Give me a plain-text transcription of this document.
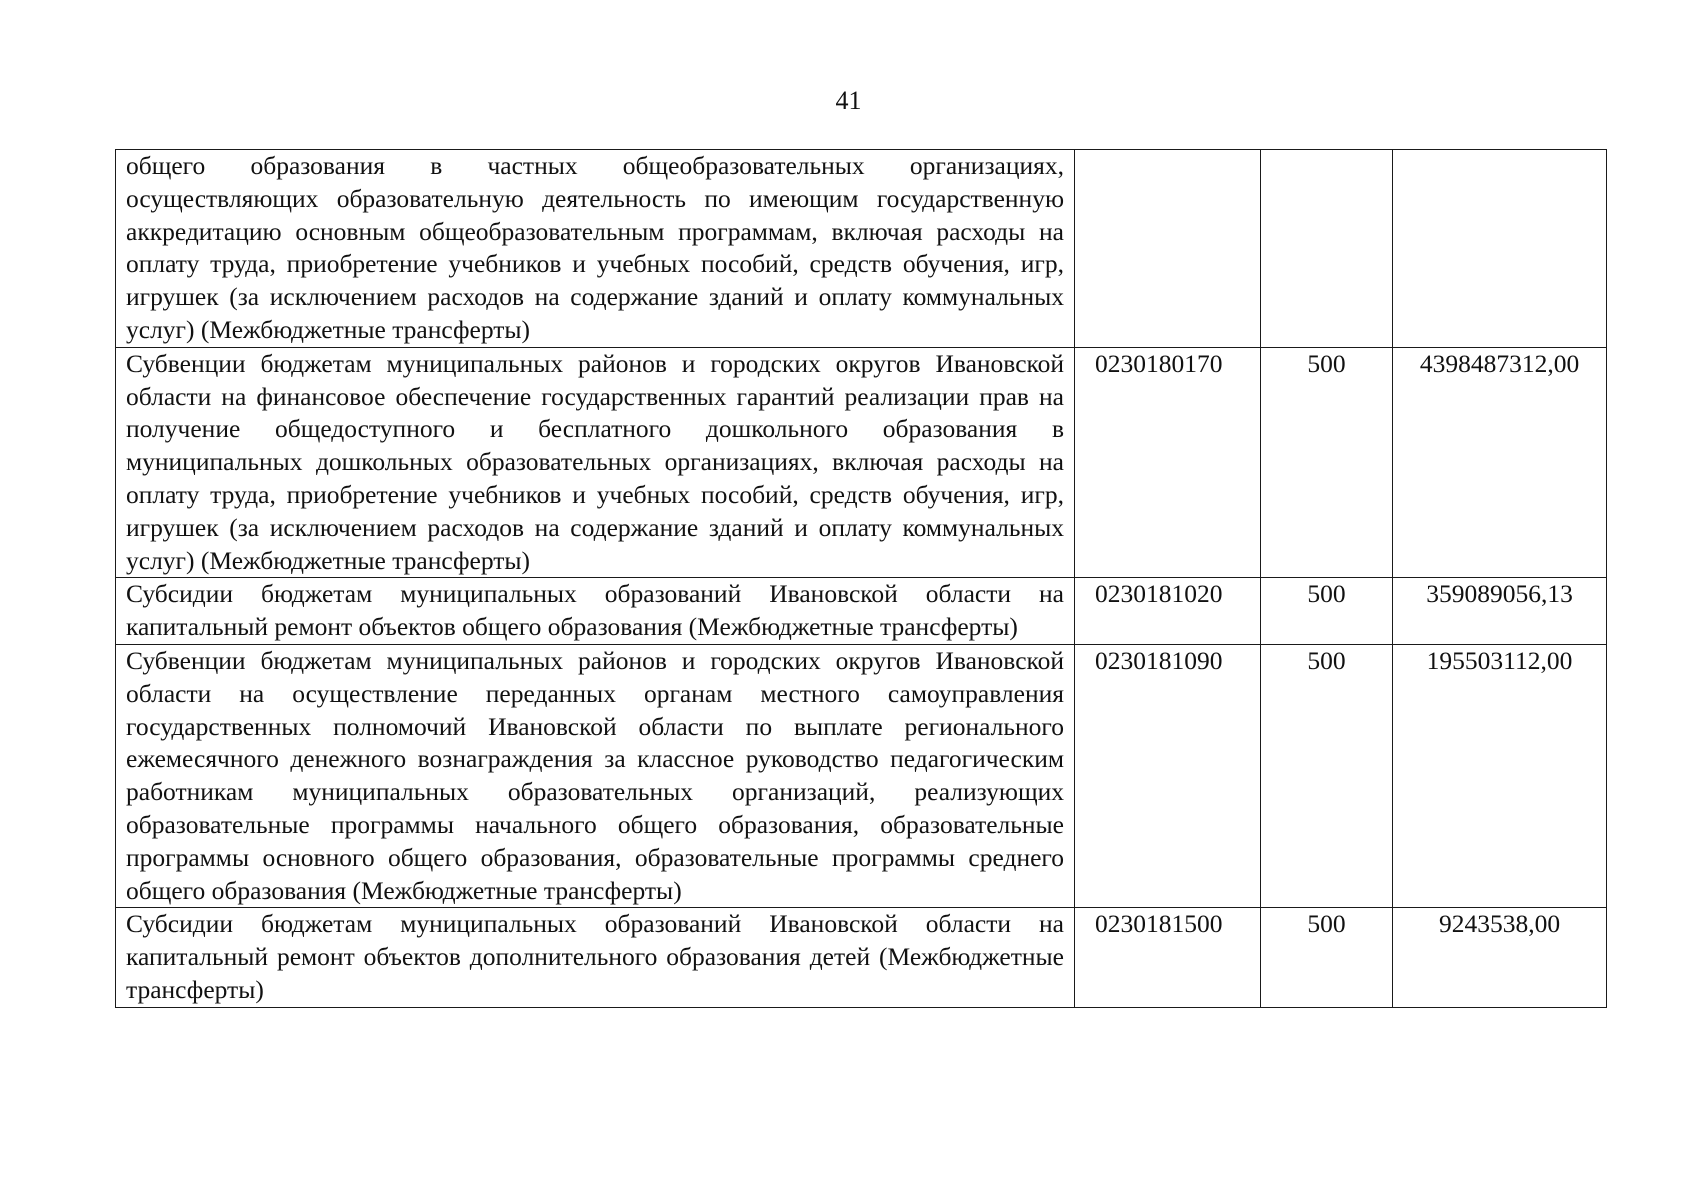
41
общего образования в частных общеобразовательных организациях, осуществляющих образовательную деятельность по имеющим государственную аккредитацию основным общеобразовательным программам, включая расходы на оплату труда, приобретение учебников и учебных пособий, средств обучения, игр, игрушек (за исключением расходов на содержание зданий и оплату коммунальных услуг) (Межбюджетные трансферты)			
Субвенции бюджетам муниципальных районов и городских округов Ивановской области на финансовое обеспечение государственных гарантий реализации прав на получение общедоступного и бесплатного дошкольного образования в муниципальных дошкольных образовательных организациях, включая расходы на оплату труда, приобретение учебников и учебных пособий, средств обучения, игр, игрушек (за исключением расходов на содержание зданий и оплату коммунальных услуг) (Межбюджетные трансферты)	0230180170	500	4398487312,00
Субсидии бюджетам муниципальных образований Ивановской области на капитальный ремонт объектов общего образования (Межбюджетные трансферты)	0230181020	500	359089056,13
Субвенции бюджетам муниципальных районов и городских округов Ивановской области на осуществление переданных органам местного самоуправления государственных полномочий Ивановской области по выплате регионального ежемесячного денежного вознаграждения за классное руководство педагогическим работникам муниципальных образовательных организаций, реализующих образовательные программы начального общего образования, образовательные программы основного общего образования, образовательные программы среднего общего образования (Межбюджетные трансферты)	0230181090	500	195503112,00
Субсидии бюджетам муниципальных образований Ивановской области на капитальный ремонт объектов дополнительного образования детей (Межбюджетные трансферты)	0230181500	500	9243538,00
